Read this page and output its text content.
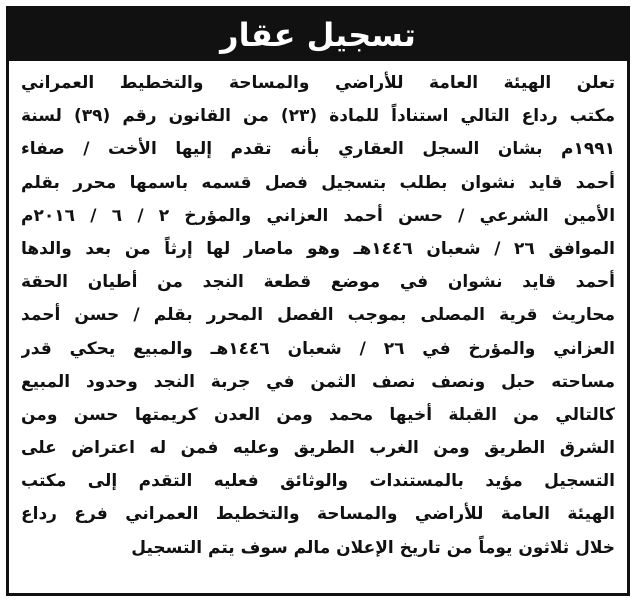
تسجيل عقار
تعلن الهيئة العامة للأراضي والمساحة والتخطيط العمراني
مكتب رداع التالي استناداً للمادة (٢٣) من القانون رقم (٣٩) لسنة
١٩٩١م بشان السجل العقاري بأنه تقدم إليها الأخت / صفاء
أحمد قايد نشوان بطلب بتسجيل فصل قسمه باسمها محرر بقلم
الأمين الشرعي / حسن أحمد العزاني والمؤرخ ٢ / ٦ / ٢٠١٦م
الموافق ٢٦ / شعبان ١٤٤٦هـ وهو ماصار لها إرثاً من بعد والدها
أحمد قايد نشوان في موضع قطعة النجد من أطيان الحقة
محاريث قرية المصلى بموجب الفصل المحرر بقلم / حسن أحمد
العزاني والمؤرخ في ٢٦ / شعبان ١٤٤٦هـ والمبيع يحكي قدر
مساحته حبل ونصف نصف الثمن في جربة النجد وحدود المبيع
كالتالي من القبلة أخيها محمد ومن العدن كريمتها حسن ومن
الشرق الطريق ومن الغرب الطريق وعليه فمن له اعتراض على
التسجيل مؤيد بالمستندات والوثائق فعليه التقدم إلى مكتب
الهيئة العامة للأراضي والمساحة والتخطيط العمراني فرع رداع
خلال ثلاثون يوماً من تاريخ الإعلان مالم سوف يتم التسجيل
